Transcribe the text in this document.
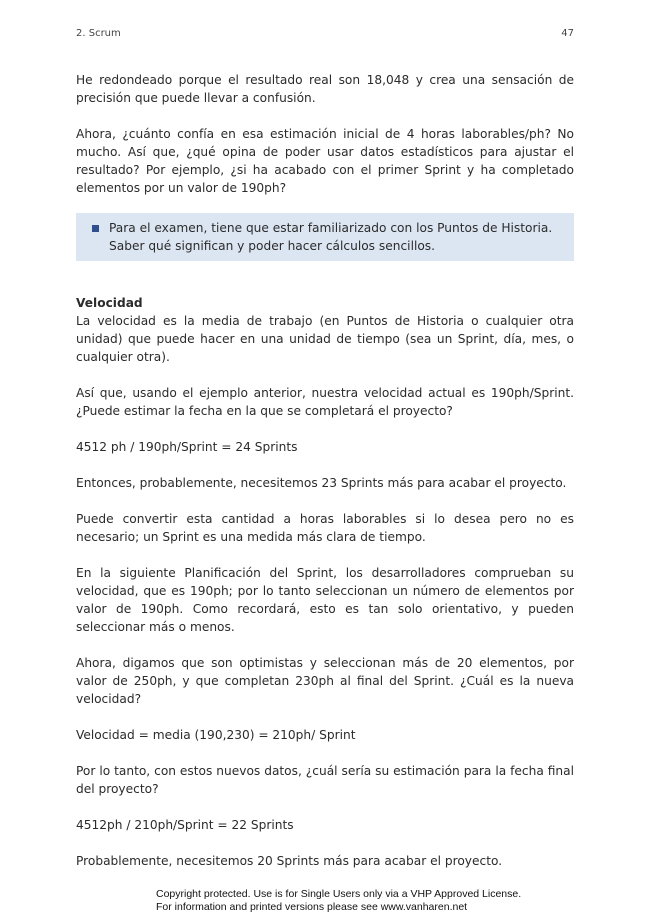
2. Scrum	47

He redondeado porque el resultado real son 18,048 y crea una sensación de precisión que puede llevar a confusión.

Ahora, ¿cuánto confía en esa estimación inicial de 4 horas laborables/ph? No mucho. Así que, ¿qué opina de poder usar datos estadísticos para ajustar el resultado? Por ejemplo, ¿si ha acabado con el primer Sprint y ha completado elementos por un valor de 190ph?

Para el examen, tiene que estar familiarizado con los Puntos de Historia. Saber qué significan y poder hacer cálculos sencillos.

Velocidad

La velocidad es la media de trabajo (en Puntos de Historia o cualquier otra unidad) que puede hacer en una unidad de tiempo (sea un Sprint, día, mes, o cualquier otra).

Así que, usando el ejemplo anterior, nuestra velocidad actual es 190ph/Sprint. ¿Puede estimar la fecha en la que se completará el proyecto?

4512 ph / 190ph/Sprint = 24 Sprints

Entonces, probablemente, necesitemos 23 Sprints más para acabar el proyecto.

Puede convertir esta cantidad a horas laborables si lo desea pero no es necesario; un Sprint es una medida más clara de tiempo.

En la siguiente Planificación del Sprint, los desarrolladores comprueban su velocidad, que es 190ph; por lo tanto seleccionan un número de elementos por valor de 190ph. Como recordará, esto es tan solo orientativo, y pueden seleccionar más o menos.

Ahora, digamos que son optimistas y seleccionan más de 20 elementos, por valor de 250ph, y que completan 230ph al final del Sprint. ¿Cuál es la nueva velocidad?

Velocidad = media (190,230) = 210ph/ Sprint

Por lo tanto, con estos nuevos datos, ¿cuál sería su estimación para la fecha final del proyecto?

4512ph / 210ph/Sprint = 22 Sprints

Probablemente, necesitemos 20 Sprints más para acabar el proyecto.

Copyright protected. Use is for Single Users only via a VHP Approved License.
For information and printed versions please see www.vanharen.net
